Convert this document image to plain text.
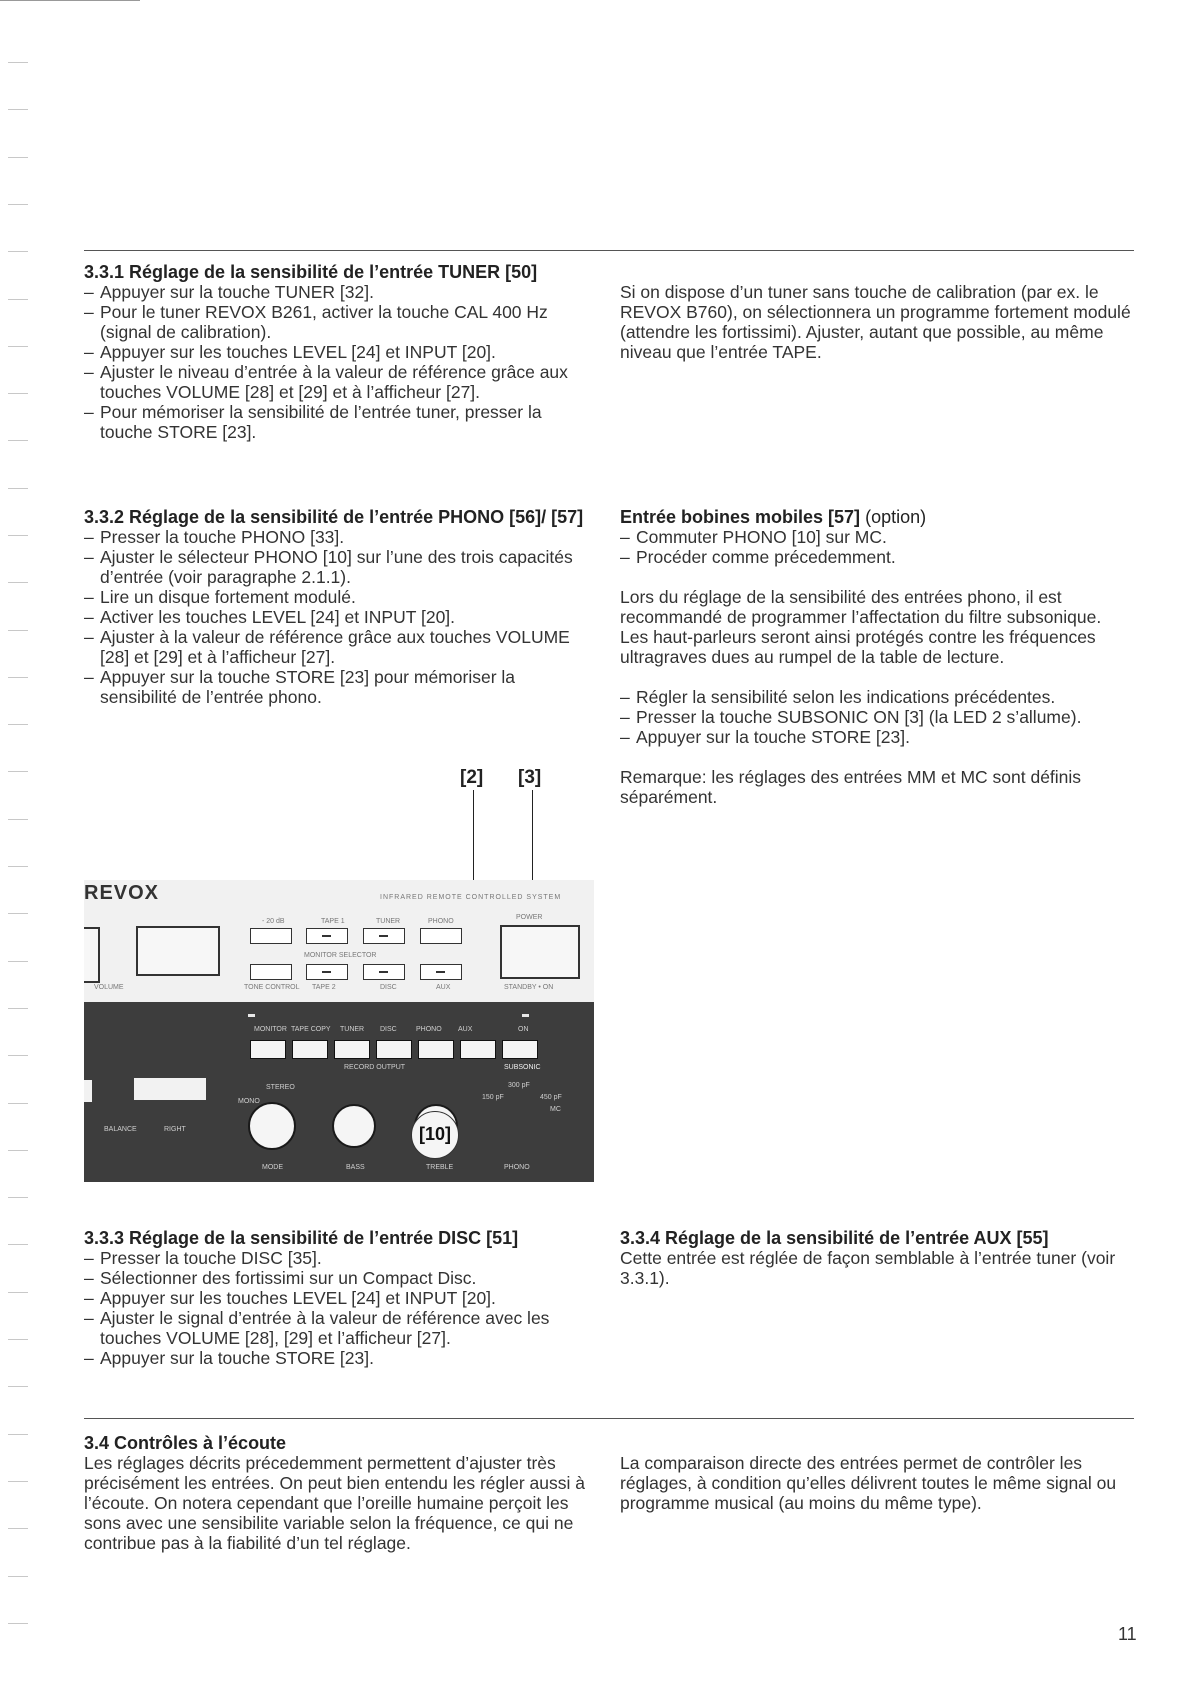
3.3.1 Réglage de la sensibilité de l’entrée TUNER [50]
– Appuyer sur la touche TUNER [32].
– Pour le tuner REVOX B261, activer la touche CAL 400 Hz (signal de calibration).
– Appuyer sur les touches LEVEL [24] et INPUT [20].
– Ajuster le niveau d’entrée à la valeur de référence grâce aux touches VOLUME [28] et [29] et à l’afficheur [27].
– Pour mémoriser la sensibilité de l’entrée tuner, presser la touche STORE [23].

Si on dispose d’un tuner sans touche de calibration (par ex. le REVOX B760), on sélectionnera un programme fortement modulé (attendre les fortissimi). Ajuster, autant que possible, au même niveau que l’entrée TAPE.

3.3.2 Réglage de la sensibilité de l’entrée PHONO [56]/ [57]
– Presser la touche PHONO [33].
– Ajuster le sélecteur PHONO [10] sur l’une des trois capacités d’entrée (voir paragraphe 2.1.1).
– Lire un disque fortement modulé.
– Activer les touches LEVEL [24] et INPUT [20].
– Ajuster à la valeur de référence grâce aux touches VOLUME [28] et [29] et à l’afficheur [27].
– Appuyer sur la touche STORE [23] pour mémoriser la sensibilité de l’entrée phono.
Entrée bobines mobiles [57] (option)
– Commuter PHONO [10] sur MC.
– Procéder comme précedemment.

Lors du réglage de la sensibilité des entrées phono, il est recommandé de programmer l’affectation du filtre subsonique. Les haut-parleurs seront ainsi protégés contre les fréquences ultragraves dues au rumpel de la table de lecture.

– Régler la sensibilité selon les indications précédentes.
– Presser la touche SUBSONIC ON [3] (la LED 2 s’allume).
– Appuyer sur la touche STORE [23].

Remarque: les réglages des entrées MM et MC sont définis séparément.

[2] [3]
REVOX	INFRARED REMOTE CONTROLLED SYSTEM
VOLUME
- 20 dB	TAPE 1	TUNER	PHONO
MONITOR SELECTOR
TONE CONTROL TAPE 2	DISC	AUX
POWER
STANDBY • ON
MONITOR TAPE COPY TUNER DISC	PHONO AUX	ON
RECORD OUTPUT	SUBSONIC
BALANCE	RIGHT
MONO
STEREO
MODE	BASS	TREBLE
150 pF
300 pF
450 pF
MC
PHONO
[10]
3.3.3 Réglage de la sensibilité de l’entrée DISC [51]
– Presser la touche DISC [35].
– Sélectionner des fortissimi sur un Compact Disc.
– Appuyer sur les touches LEVEL [24] et INPUT [20].
– Ajuster le signal d’entrée à la valeur de référence avec les touches VOLUME [28], [29] et l’afficheur [27].
– Appuyer sur la touche STORE [23].
3.3.4 Réglage de la sensibilité de l’entrée AUX [55]

Cette entrée est réglée de façon semblable à l’entrée tuner (voir 3.3.1).

3.4 Contrôles à l’écoute

Les réglages décrits précedemment permettent d’ajuster très précisément les entrées. On peut bien entendu les régler aussi à l’écoute. On notera cependant que l’oreille humaine perçoit les sons avec une sensibilite variable selon la fréquence, ce qui ne contribue pas à la fiabilité d’un tel réglage.

La comparaison directe des entrées permet de contrôler les réglages, à condition qu’elles délivrent toutes le même signal ou programme musical (au moins du même type).

11
